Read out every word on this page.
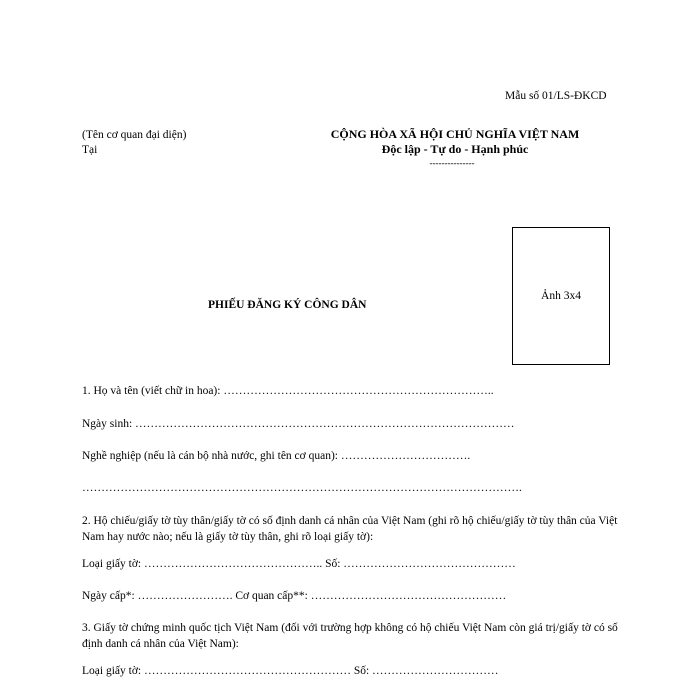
Mẫu số 01/LS-ĐKCD
(Tên cơ quan đại diện)
Tại
CỘNG HÒA XÃ HỘI CHỦ NGHĨA VIỆT NAM
Độc lập - Tự do - Hạnh phúc
---------------
Ảnh 3x4
PHIẾU ĐĂNG KÝ CÔNG DÂN
1. Họ và tên (viết chữ in hoa): ……………………………………………………………..
Ngày sinh: ………………………………………………………………………………………
Nghề nghiệp (nếu là cán bộ nhà nước, ghi tên cơ quan): …………………………….
…………………………………………………………………………………………………….
2. Hộ chiếu/giấy tờ tùy thân/giấy tờ có số định danh cá nhân của Việt Nam (ghi rõ hộ chiếu/giấy tờ tùy thân của Việt Nam hay nước nào; nếu là giấy tờ tùy thân, ghi rõ loại giấy tờ):
Loại giấy tờ: ……………………………………….. Số: ………………………………………
Ngày cấp*: ……………………. Cơ quan cấp**: ……………………………………………
3. Giấy tờ chứng minh quốc tịch Việt Nam (đối với trường hợp không có hộ chiếu Việt Nam còn giá trị/giấy tờ có số định danh cá nhân của Việt Nam):
Loại giấy tờ: ……………………………………………… Số: ……………………………
